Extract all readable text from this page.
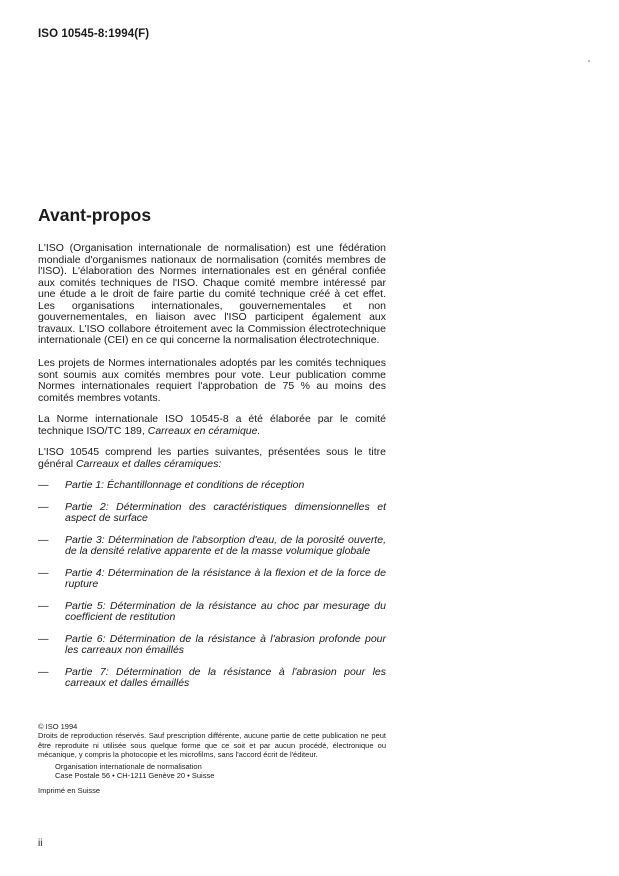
ISO 10545-8:1994(F)
Avant-propos

L'ISO (Organisation internationale de normalisation) est une fédération mondiale d'organismes nationaux de normalisation (comités membres de l'ISO). L'élaboration des Normes internationales est en général confiée aux comités techniques de l'ISO. Chaque comité membre intéressé par une étude a le droit de faire partie du comité technique créé à cet effet. Les organisations internationales, gouvernementales et non gouvernementales, en liaison avec l'ISO participent également aux travaux. L'ISO collabore étroitement avec la Commission électrotechnique internationale (CEI) en ce qui concerne la normalisation électrotechnique.

Les projets de Normes internationales adoptés par les comités techniques sont soumis aux comités membres pour vote. Leur publication comme Normes internationales requiert l'approbation de 75 % au moins des comités membres votants.

La Norme internationale ISO 10545-8 a été élaborée par le comité technique ISO/TC 189, Carreaux en céramique.

L'ISO 10545 comprend les parties suivantes, présentées sous le titre général Carreaux et dalles céramiques:

—	Partie 1: Échantillonnage et conditions de réception
—	Partie 2: Détermination des caractéristiques dimensionnelles et aspect de surface
—	Partie 3: Détermination de l'absorption d'eau, de la porosité ouverte, de la densité relative apparente et de la masse volumique globale
—	Partie 4: Détermination de la résistance à la flexion et de la force de rupture
—	Partie 5: Détermination de la résistance au choc par mesurage du coefficient de restitution
—	Partie 6: Détermination de la résistance à l'abrasion profonde pour les carreaux non émaillés
—	Partie 7: Détermination de la résistance à l'abrasion pour les carreaux et dalles émaillés
© ISO 1994
Droits de reproduction réservés. Sauf prescription différente, aucune partie de cette publication ne peut être reproduite ni utilisée sous quelque forme que ce soit et par aucun procédé, électronique ou mécanique, y compris la photocopie et les microfilms, sans l'accord écrit de l'éditeur.
Organisation internationale de normalisation
Case Postale 56 • CH-1211 Genève 20 • Suisse
Imprimé en Suisse
ii
